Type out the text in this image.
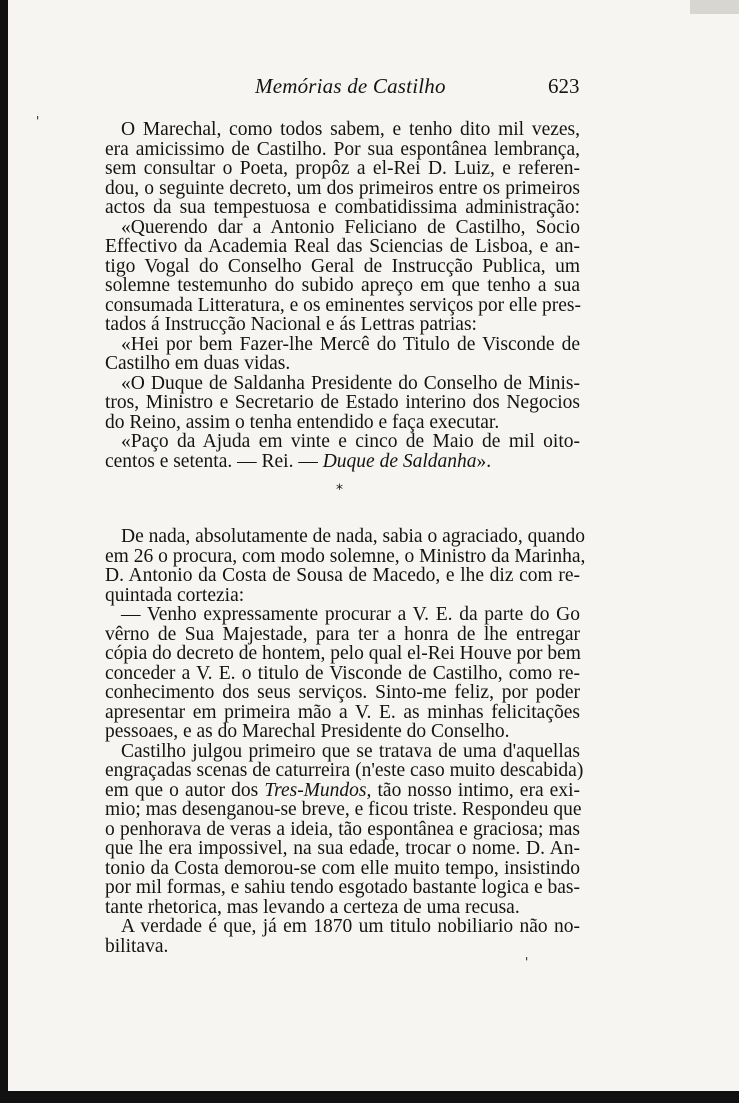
Memórias de Castilho	623
'	O Marechal, como todos sabem, e tenho dito mil vezes,
era amicissimo de Castilho. Por sua espontânea lembrança,
sem consultar o Poeta, propôz a el-Rei D. Luiz, e referen-
dou, o seguinte decreto, um dos primeiros entre os primeiros
actos da sua tempestuosa e combatidissima administração:
«Querendo dar a Antonio Feliciano de Castilho, Socio
Effectivo da Academia Real das Sciencias de Lisboa, e an-
tigo Vogal do Conselho Geral de Instrucção Publica, um
solemne testemunho do subido apreço em que tenho a sua
consumada Litteratura, e os eminentes serviços por elle pres-
tados á Instrucção Nacional e ás Lettras patrias:
«Hei por bem Fazer-lhe Mercê do Titulo de Visconde de
Castilho em duas vidas.
«O Duque de Saldanha Presidente do Conselho de Minis-
tros, Ministro e Secretario de Estado interino dos Negocios
do Reino, assim o tenha entendido e faça executar.
«Paço da Ajuda em vinte e cinco de Maio de mil oito-
centos e setenta. — Rei. — Duque de Saldanha».
*
De nada, absolutamente de nada, sabia o agraciado, quando
em 26 o procura, com modo solemne, o Ministro da Marinha,
D. Antonio da Costa de Sousa de Macedo, e lhe diz com re-
quintada cortezia:
— Venho expressamente procurar a V. E. da parte do Go
vêrno de Sua Majestade, para ter a honra de lhe entregar
cópia do decreto de hontem, pelo qual el-Rei Houve por bem
conceder a V. E. o titulo de Visconde de Castilho, como re-
conhecimento dos seus serviços. Sinto-me feliz, por poder
apresentar em primeira mão a V. E. as minhas felicitações
pessoaes, e as do Marechal Presidente do Conselho.
Castilho julgou primeiro que se tratava de uma d'aquellas
engraçadas scenas de caturreira (n'este caso muito descabida)
em que o autor dos Tres-Mundos, tão nosso intimo, era exi-
mio; mas desenganou-se breve, e ficou triste. Respondeu que
o penhorava de veras a ideia, tão espontânea e graciosa; mas
que lhe era impossivel, na sua edade, trocar o nome. D. An-
tonio da Costa demorou-se com elle muito tempo, insistindo
por mil formas, e sahiu tendo esgotado bastante logica e bas-
tante rhetorica, mas levando a certeza de uma recusa.
A verdade é que, já em 1870 um titulo nobiliario não no-
bilitava.
'
